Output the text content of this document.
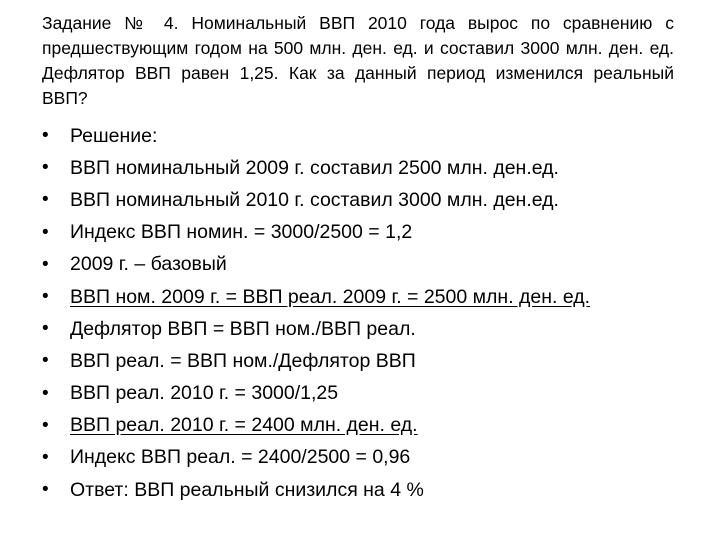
Задание № 4. Номинальный ВВП 2010 года вырос по сравнению с предшествующим годом на 500 млн. ден. ед. и составил 3000 млн. ден. ед. Дефлятор ВВП равен 1,25. Как за данный период изменился реальный ВВП?

•	Решение:
•	ВВП номинальный 2009 г. составил 2500 млн. ден.ед.
•	ВВП номинальный 2010 г. составил 3000 млн. ден.ед.
•	Индекс ВВП номин. = 3000/2500 = 1,2
•	2009 г. – базовый
•	ВВП ном. 2009 г. = ВВП реал. 2009 г. = 2500 млн. ден. ед.
•	Дефлятор ВВП = ВВП ном./ВВП реал.
•	ВВП реал. = ВВП ном./Дефлятор ВВП
•	ВВП реал. 2010 г. = 3000/1,25
•	ВВП реал. 2010 г. = 2400 млн. ден. ед.
•	Индекс ВВП реал. = 2400/2500 = 0,96
•	Ответ: ВВП реальный снизился на 4 %
